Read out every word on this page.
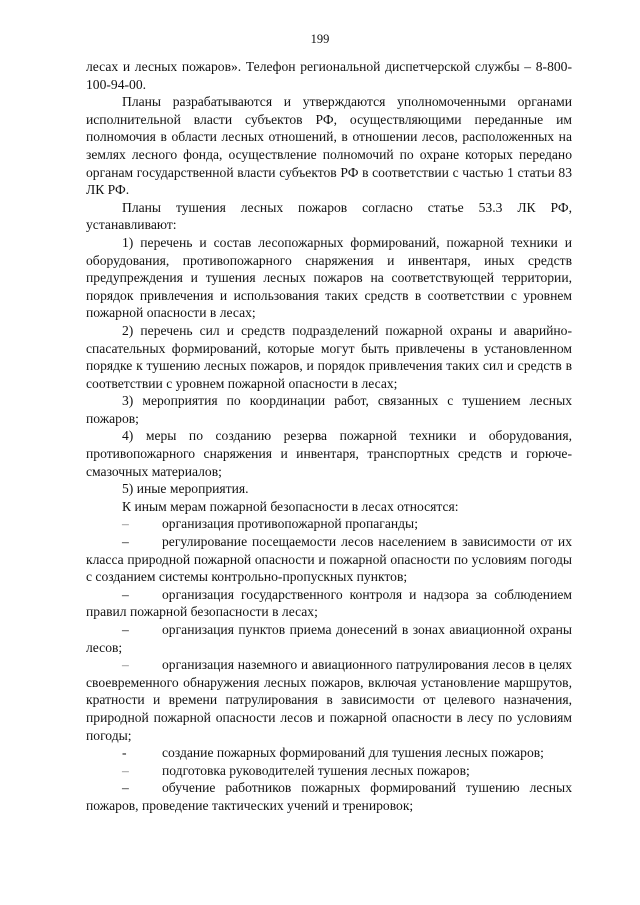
199

лесах и лесных пожаров». Телефон региональной диспетчерской службы – 8-800-100-94-00.

Планы разрабатываются и утверждаются уполномоченными органами исполнительной власти субъектов РФ, осуществляющими переданные им полномочия в области лесных отношений, в отношении лесов, расположенных на землях лесного фонда, осуществление полномочий по охране которых передано органам государственной власти субъектов РФ в соответствии с частью 1 статьи 83 ЛК РФ.

Планы тушения лесных пожаров согласно статье 53.3 ЛК РФ, устанавливают:

1) перечень и состав лесопожарных формирований, пожарной техники и оборудования, противопожарного снаряжения и инвентаря, иных средств предупреждения и тушения лесных пожаров на соответствующей территории, порядок привлечения и использования таких средств в соответствии с уровнем пожарной опасности в лесах;

2) перечень сил и средств подразделений пожарной охраны и аварийно-спасательных формирований, которые могут быть привлечены в установленном порядке к тушению лесных пожаров, и порядок привлечения таких сил и средств в соответствии с уровнем пожарной опасности в лесах;

3) мероприятия по координации работ, связанных с тушением лесных пожаров;

4) меры по созданию резерва пожарной техники и оборудования, противопожарного снаряжения и инвентаря, транспортных средств и горюче-смазочных материалов;

5) иные мероприятия.

К иным мерам пожарной безопасности в лесах относятся:

– организация противопожарной пропаганды;

– регулирование посещаемости лесов населением в зависимости от их класса природной пожарной опасности и пожарной опасности по условиям погоды с созданием системы контрольно-пропускных пунктов;

– организация государственного контроля и надзора за соблюдением правил пожарной безопасности в лесах;

– организация пунктов приема донесений в зонах авиационной охраны лесов;

– организация наземного и авиационного патрулирования лесов в целях своевременного обнаружения лесных пожаров, включая установление маршрутов, кратности и времени патрулирования в зависимости от целевого назначения, природной пожарной опасности лесов и пожарной опасности в лесу по условиям погоды;

-	создание пожарных формирований для тушения лесных пожаров;

– подготовка руководителей тушения лесных пожаров;

– обучение работников пожарных формирований тушению лесных пожаров, проведение тактических учений и тренировок;
